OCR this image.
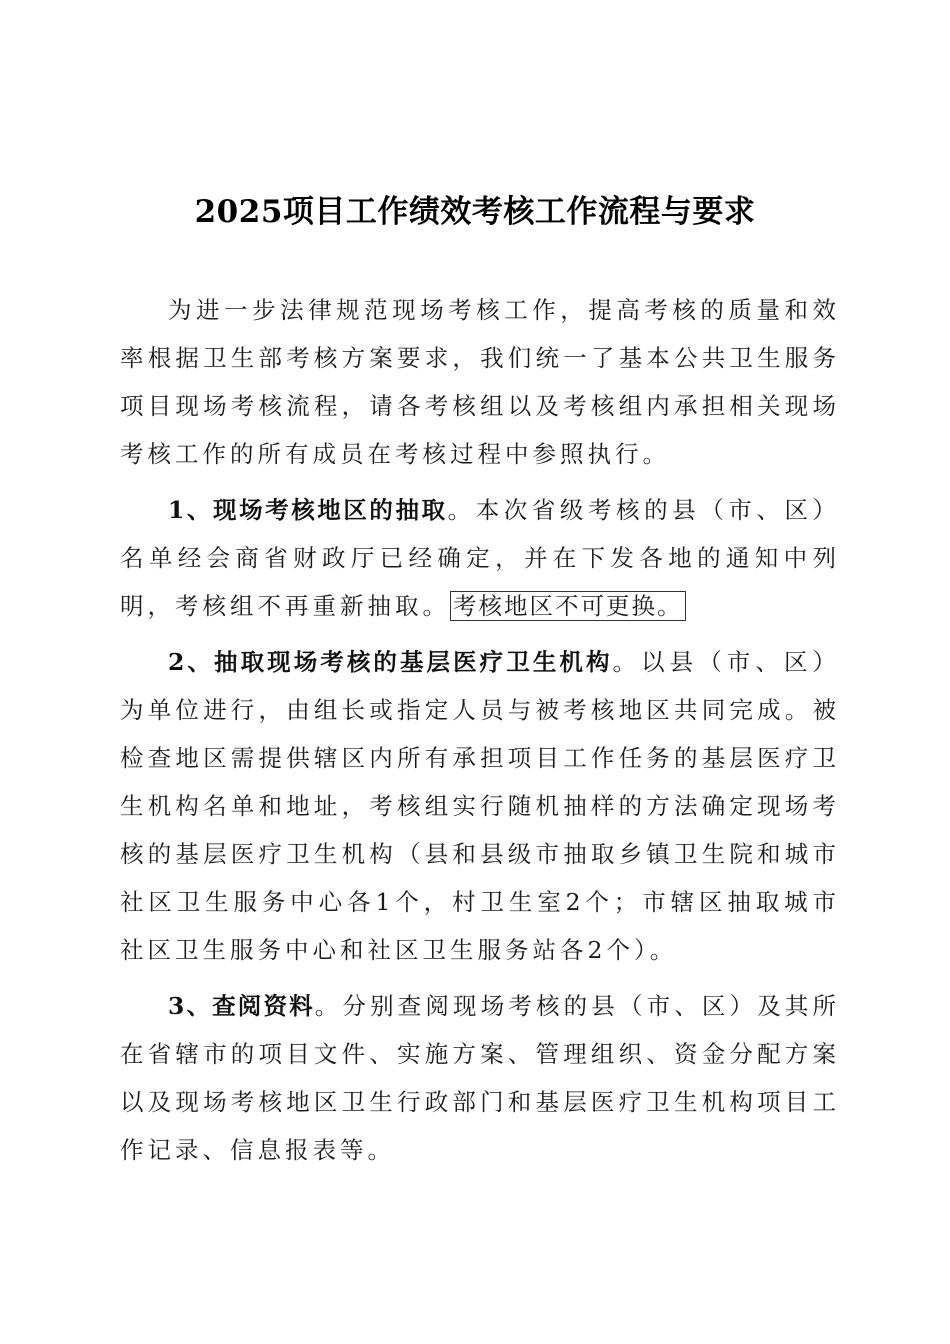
2025项目工作绩效考核工作流程与要求

为进一步法律规范现场考核工作，提高考核的质量和效率根据卫生部考核方案要求，我们统一了基本公共卫生服务项目现场考核流程，请各考核组以及考核组内承担相关现场考核工作的所有成员在考核过程中参照执行。

1、现场考核地区的抽取。本次省级考核的县（市、区）名单经会商省财政厅已经确定，并在下发各地的通知中列明，考核组不再重新抽取。 考核地区不可更换。

2、抽取现场考核的基层医疗卫生机构。以县（市、区）为单位进行，由组长或指定人员与被考核地区共同完成。被检查地区需提供辖区内所有承担项目工作任务的基层医疗卫生机构名单和地址，考核组实行随机抽样的方法确定现场考核的基层医疗卫生机构（县和县级市抽取乡镇卫生院和城市社区卫生服务中心各1个，村卫生室2个；市辖区抽取城市社区卫生服务中心和社区卫生服务站各2个）。

3、查阅资料。分别查阅现场考核的县（市、区）及其所在省辖市的项目文件、实施方案、管理组织、资金分配方案以及现场考核地区卫生行政部门和基层医疗卫生机构项目工作记录、信息报表等。
